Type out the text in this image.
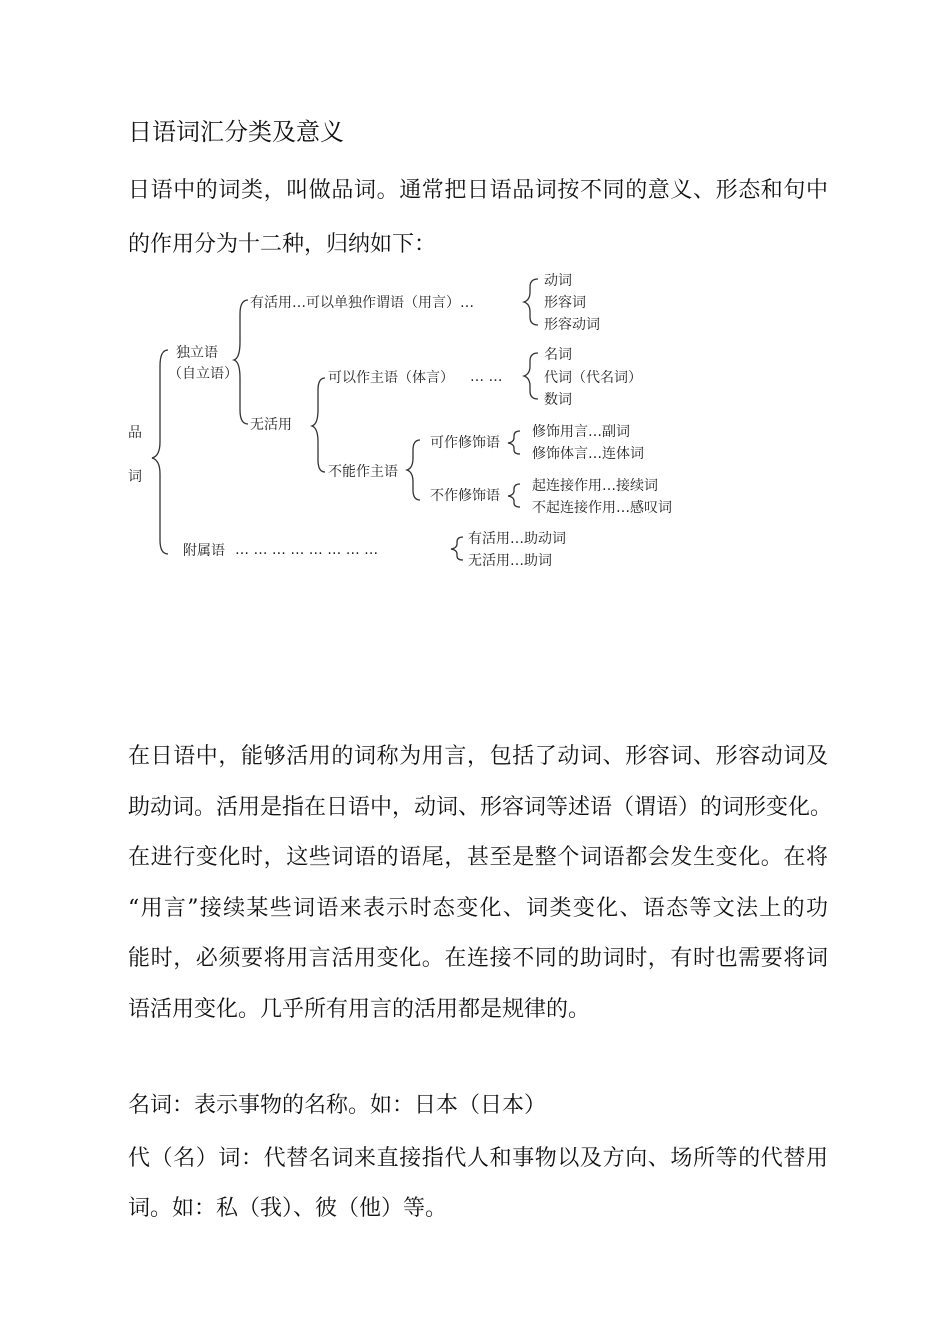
日语词汇分类及意义

日语中的词类，叫做品词。通常把日语品词按不同的意义、形态和句中
的作用分为十二种，归纳如下：

品
词
独立语
（自立语）
附属语 … … … … … … … …
有活用…可以单独作谓语（用言）…
无活用
可以作主语（体言） … …
不能作主语
可作修饰语
不作修饰语
动词
形容词
形容动词
名词
代词（代名词）
数词
修饰用言…副词
修饰体言…连体词
起连接作用…接续词
不起连接作用…感叹词
有活用…助动词
无活用…助词

在日语中，能够活用的词称为用言，包括了动词、形容词、形容动词及
助动词。活用是指在日语中，动词、形容词等述语（谓语）的词形变化。
在进行变化时，这些词语的语尾，甚至是整个词语都会发生变化。在将
“用言”接续某些词语来表示时态变化、词类变化、语态等文法上的功
能时，必须要将用言活用变化。在连接不同的助词时，有时也需要将词
语活用变化。几乎所有用言的活用都是规律的。

名词：表示事物的名称。如：日本（日本）

代（名）词：代替名词来直接指代人和事物以及方向、场所等的代替用
词。如：私（我）、彼（他）等。
